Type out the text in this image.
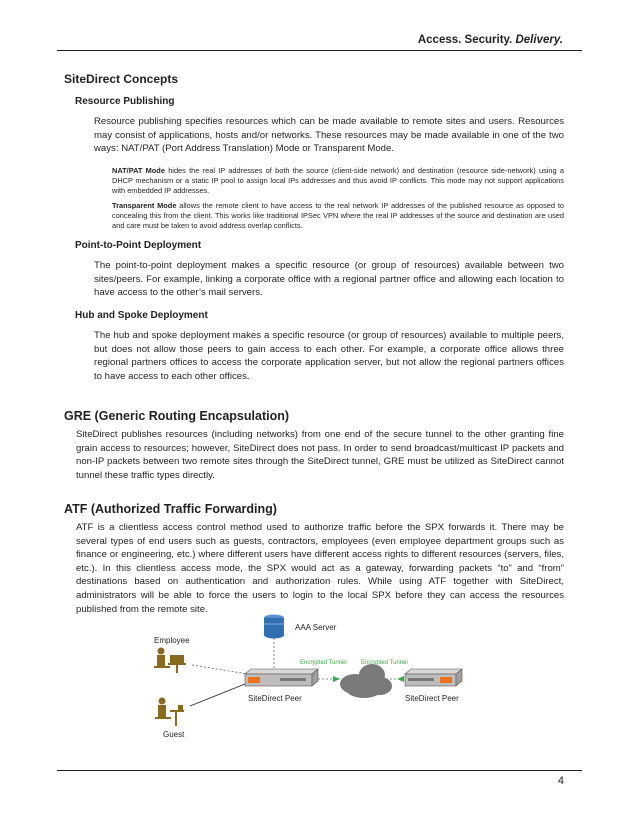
Access. Security. Delivery.
SiteDirect Concepts
Resource Publishing
Resource publishing specifies resources which can be made available to remote sites and users. Resources may consist of applications, hosts and/or networks. These resources may be made available in one of the two ways: NAT/PAT (Port Address Translation) Mode or Transparent Mode.
NAT/PAT Mode hides the real IP addresses of both the source (client-side network) and destination (resource side-network) using a DHCP mechanism or a static IP pool to assign local IPs addresses and thus avoid IP conflicts. This mode may not support applications with embedded IP addresses.
Transparent Mode allows the remote client to have access to the real network IP addresses of the published resource as opposed to concealing this from the client. This works like traditional IPSec VPN where the real IP addresses of the source and destination are used and care must be taken to avoid address overlap conflicts.
Point-to-Point Deployment
The point-to-point deployment makes a specific resource (or group of resources) available between two sites/peers. For example, linking a corporate office with a regional partner office and allowing each location to have access to the other’s mail servers.
Hub and Spoke Deployment
The hub and spoke deployment makes a specific resource (or group of resources) available to multiple peers, but does not allow those peers to gain access to each other. For example, a corporate office allows three regional partners offices to access the corporate application server, but not allow the regional partners offices to have access to each other offices.
GRE (Generic Routing Encapsulation)
SiteDirect publishes resources (including networks) from one end of the secure tunnel to the other granting fine grain access to resources; however, SiteDirect does not pass. In order to send broadcast/multicast IP packets and non-IP packets between two remote sites through the SiteDirect tunnel, GRE must be utilized as SiteDirect cannot tunnel these traffic types directly.
ATF (Authorized Traffic Forwarding)
ATF is a clientless access control method used to authorize traffic before the SPX forwards it. There may be several types of end users such as guests, contractors, employees (even employee department groups such as finance or engineering, etc.) where different users have different access rights to different resources (servers, files, etc.). In this clientless access mode, the SPX would act as a gateway, forwarding packets “to” and “from” destinations based on authentication and authorization rules. While using ATF together with SiteDirect, administrators will be able to force the users to login to the local SPX before they can access the resources published from the remote site.
AAA Server
Employee
Guest
SiteDirect Peer	SiteDirect Peer
Encrypted Tunnel Encrypted Tunnel
4
